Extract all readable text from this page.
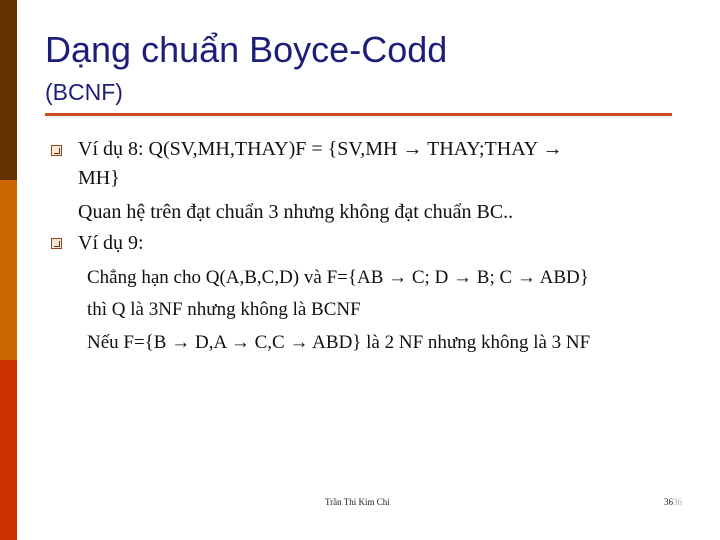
Dạng chuẩn Boyce-Codd
(BCNF)

Ví dụ 8: Q(SV,MH,THAY)F = {SV,MH → THAY;THAY →

MH}

Quan hệ trên đạt chuẩn 3 nhưng không đạt chuẩn BC..

Ví dụ 9:

Chẳng hạn cho Q(A,B,C,D) và F={AB → C; D → B; C → ABD}

thì Q là 3NF nhưng không là BCNF

Nếu F={B → D,A → C,C → ABD} là 2 NF nhưng không là 3 NF

Trần Thi Kim Chi	3636
